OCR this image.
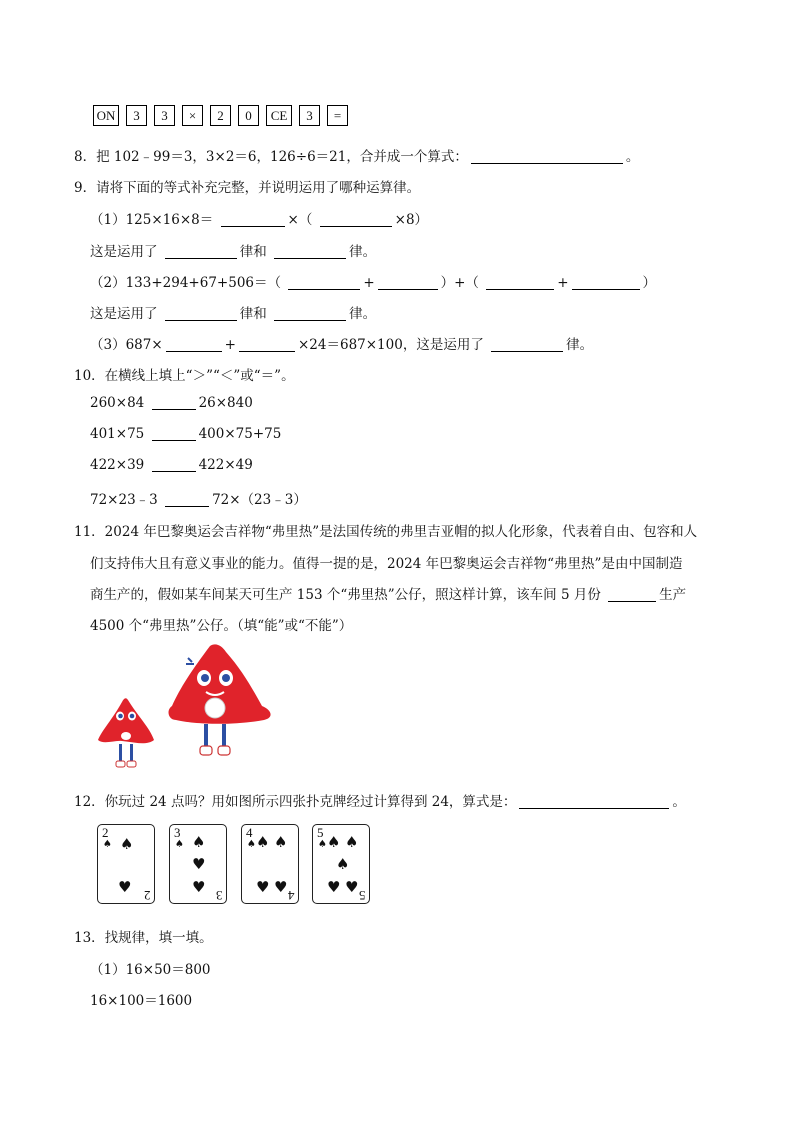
ON	3	3	×	2	0	CE	3	=
8．把 102﹣99＝3，3×2＝6，126÷6＝21，合并成一个算式：	。
9．请将下面的等式补充完整，并说明运用了哪种运算律。
（1）125×16×8＝	×（	×8）
这是运用了	律和	律。
（2）133+294+67+506＝（	+	）+（	+	）
这是运用了	律和	律。
（3）687×	+	×24＝687×100，这是运用了	律。
10．在横线上填上“＞”“＜”或“＝”。
260×84	26×840
401×75	400×75+75
422×39	422×49
72×23﹣3	72×（23﹣3）
11．2024 年巴黎奥运会吉祥物“弗里热”是法国传统的弗里吉亚帽的拟人化形象，代表着自由、包容和人
们支持伟大且有意义事业的能力。值得一提的是，2024 年巴黎奥运会吉祥物“弗里热”是由中国制造
商生产的，假如某车间某天可生产 153 个“弗里热”公仔，照这样计算，该车间 5 月份	生产
4500 个“弗里热”公仔。（填“能”或“不能”）
12．你玩过 24 点吗？用如图所示四张扑克牌经过计算得到 24，算式是：	。
2
♠ ♠
♥ 2
3
♠ ♠
♥
♥ 3
4
♠ ♠ ♠
♥ ♥ 4
5
♠ ♠ ♠
♠
♥ ♥ 5
13．找规律，填一填。
（1）16×50＝800
16×100＝1600
